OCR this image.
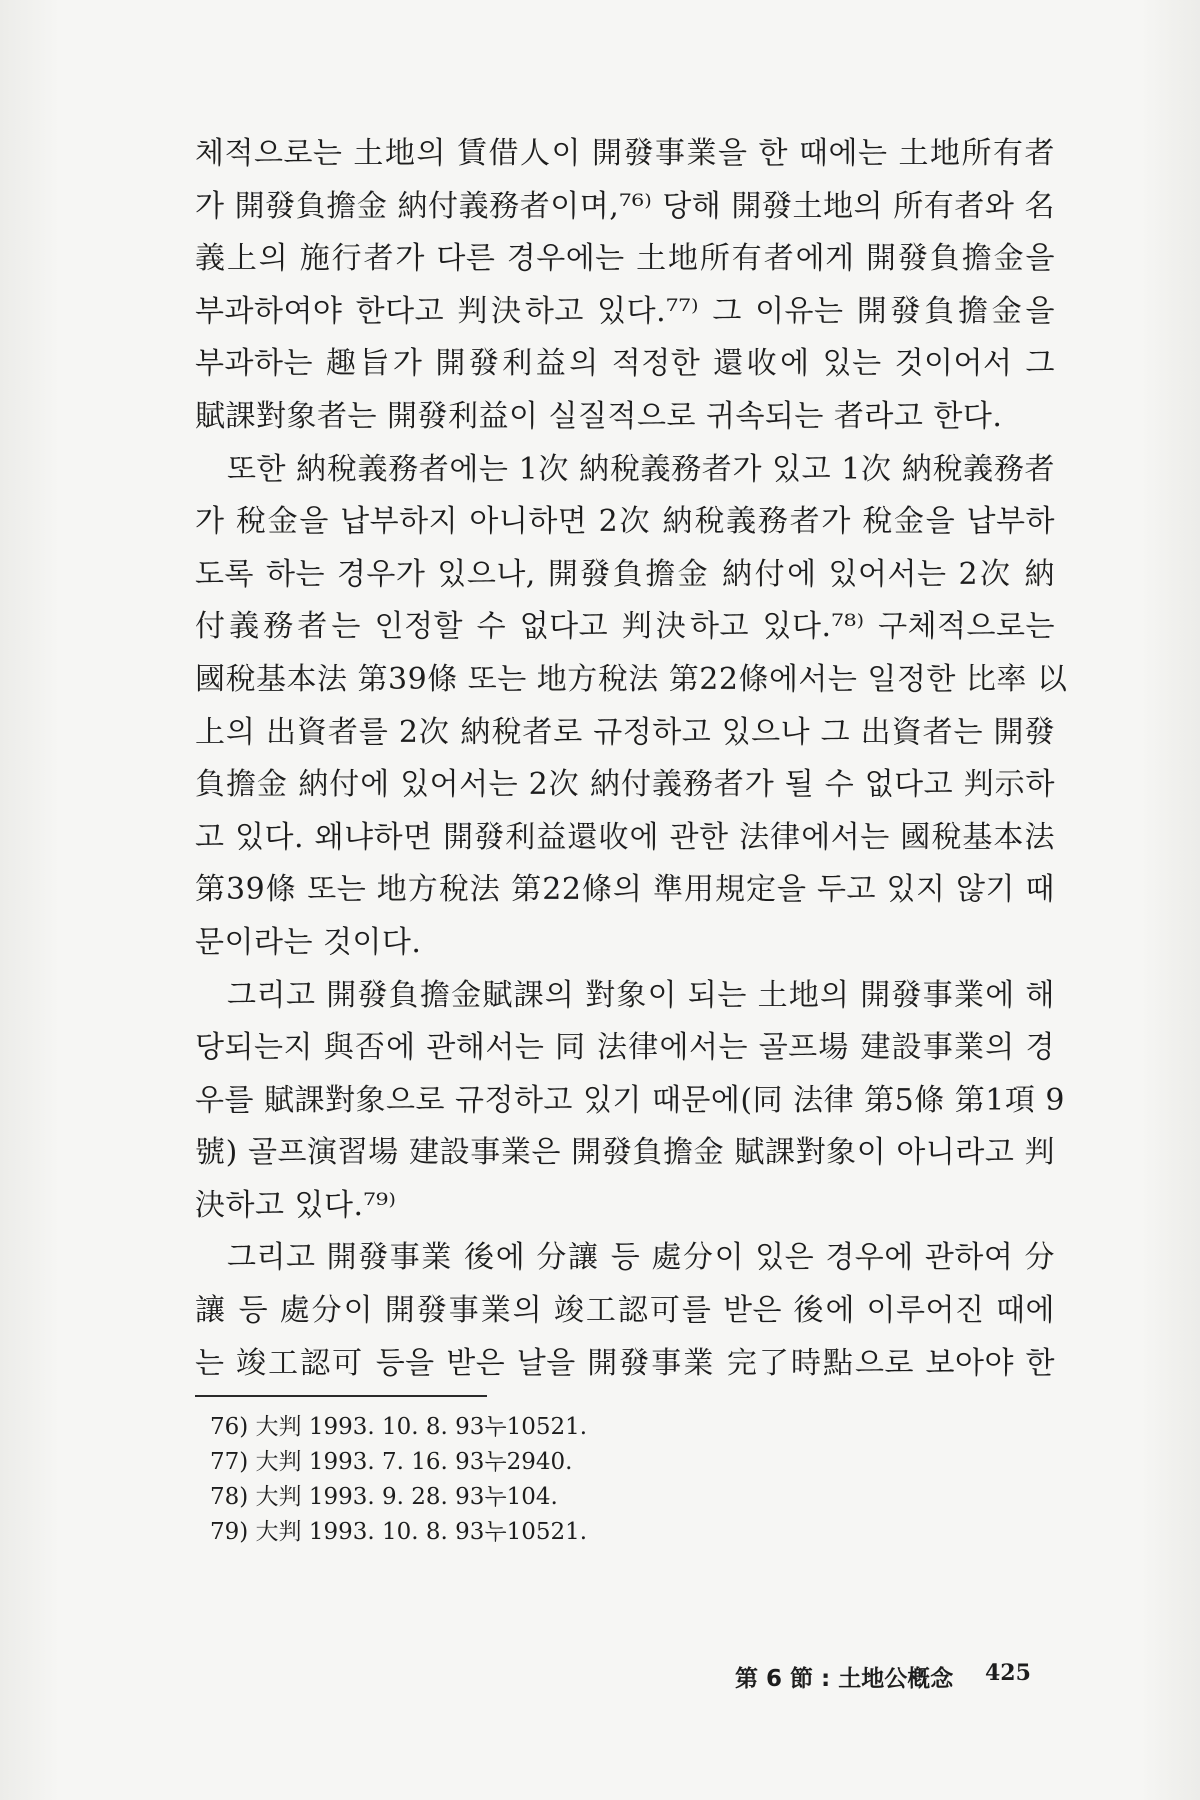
체적으로는 土地의 賃借人이 開發事業을 한 때에는 土地所有者
가 開發負擔金 納付義務者이며,⁷⁶⁾ 당해 開發土地의 所有者와 名
義上의 施行者가 다른 경우에는 土地所有者에게 開發負擔金을
부과하여야 한다고 判決하고 있다.⁷⁷⁾ 그 이유는 開發負擔金을
부과하는 趣旨가 開發利益의 적정한 還收에 있는 것이어서 그
賦課對象者는 開發利益이 실질적으로 귀속되는 者라고 한다.
또한 納稅義務者에는 1次 納稅義務者가 있고 1次 納稅義務者
가 稅金을 납부하지 아니하면 2次 納稅義務者가 稅金을 납부하
도록 하는 경우가 있으나, 開發負擔金 納付에 있어서는 2次 納
付義務者는 인정할 수 없다고 判決하고 있다.⁷⁸⁾ 구체적으로는
國稅基本法 第39條 또는 地方稅法 第22條에서는 일정한 比率 以
上의 出資者를 2次 納稅者로 규정하고 있으나 그 出資者는 開發
負擔金 納付에 있어서는 2次 納付義務者가 될 수 없다고 判示하
고 있다. 왜냐하면 開發利益還收에 관한 法律에서는 國稅基本法
第39條 또는 地方稅法 第22條의 準用規定을 두고 있지 않기 때
문이라는 것이다.
그리고 開發負擔金賦課의 對象이 되는 土地의 開發事業에 해
당되는지 與否에 관해서는 同 法律에서는 골프場 建設事業의 경
우를 賦課對象으로 규정하고 있기 때문에(同 法律 第5條 第1項 9
號) 골프演習場 建設事業은 開發負擔金 賦課對象이 아니라고 判
決하고 있다.⁷⁹⁾
그리고 開發事業 後에 分讓 등 處分이 있은 경우에 관하여 分
讓 등 處分이 開發事業의 竣工認可를 받은 後에 이루어진 때에
는 竣工認可 등을 받은 날을 開發事業 完了時點으로 보아야 한
76) 大判 1993. 10. 8. 93누10521.
77) 大判 1993. 7. 16. 93누2940.
78) 大判 1993. 9. 28. 93누104.
79) 大判 1993. 10. 8. 93누10521.
第 6 節 : 土地公槪念 425
